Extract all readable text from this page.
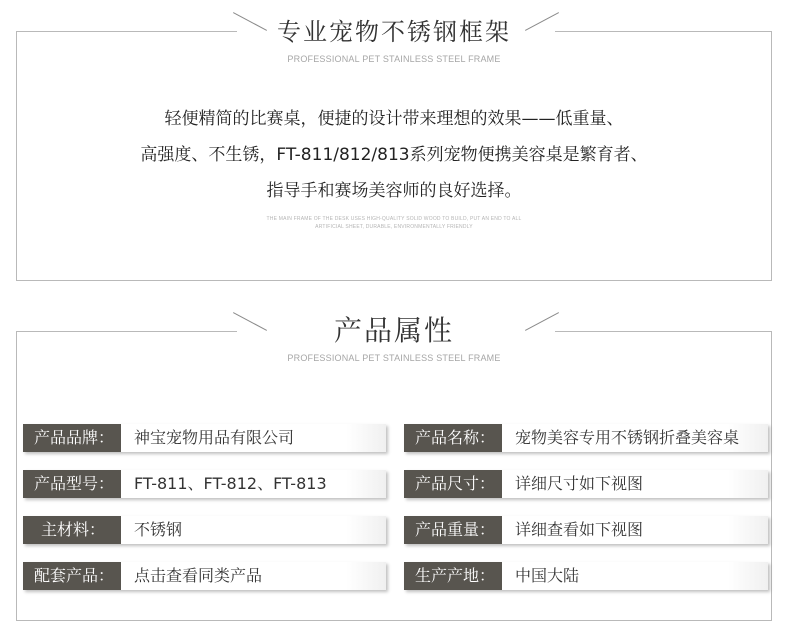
专业宠物不锈钢框架
PROFESSIONAL PET STAINLESS STEEL FRAME
轻便精简的比赛桌，便捷的设计带来理想的效果——低重量、
高强度、不生锈，FT-811/812/813系列宠物便携美容桌是繁育者、
指导手和赛场美容师的良好选择。
THE MAIN FRAME OF THE DESK USES HIGH-QUALITY SOLID WOOD TO BUILD, PUT AN END TO ALL
ARTIFICIAL SHEET, DURABLE, ENVIRONMENTALLY FRIENDLY
产品属性
PROFESSIONAL PET STAINLESS STEEL FRAME
产品品牌：	神宝宠物用品有限公司	产品名称：	宠物美容专用不锈钢折叠美容桌
产品型号：	FT-811、FT-812、FT-813	产品尺寸：	详细尺寸如下视图
主材料：	不锈钢	产品重量：	详细查看如下视图
配套产品：	点击查看同类产品	生产产地：	中国大陆
